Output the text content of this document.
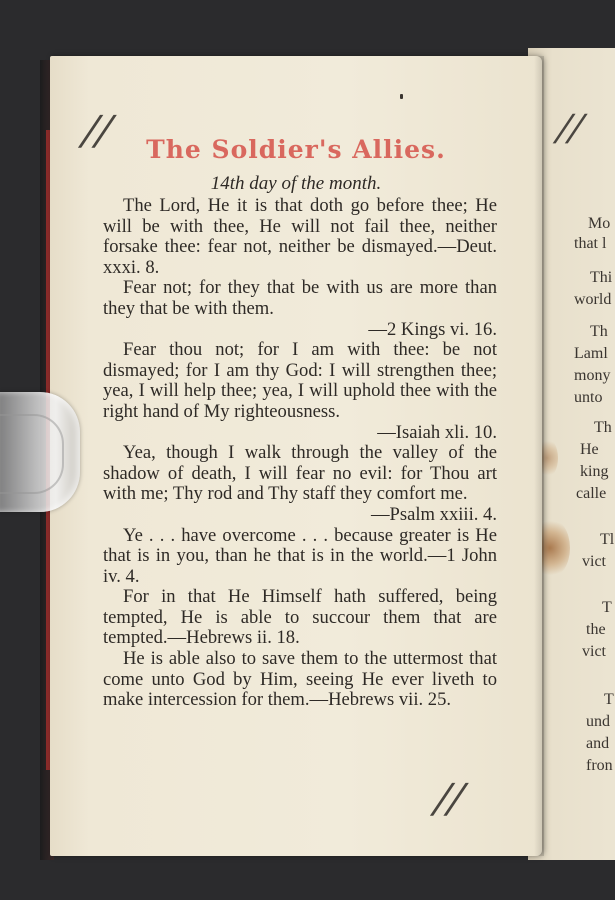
//
Mo
that l
Thi
world
Th
Laml
mony
unto
Th
He
king
calle
Tl
vict
T
the
vict
T
und
and
fron
//	The Soldier's Allies.
14th day of the month.

The Lord, He it is that doth go before thee; He will be with thee, He will not fail thee, neither forsake thee: fear not, neither be dismayed.—Deut. xxxi. 8.

Fear not; for they that be with us are more than they that be with them.

—2 Kings vi. 16.

Fear thou not; for I am with thee: be not dismayed; for I am thy God: I will strengthen thee; yea, I will help thee; yea, I will uphold thee with the right hand of My righteousness.

—Isaiah xli. 10.

Yea, though I walk through the valley of the shadow of death, I will fear no evil: for Thou art with me; Thy rod and Thy staff they comfort me.

—Psalm xxiii. 4.

Ye . . . have overcome . . . because greater is He that is in you, than he that is in the world.—1 John iv. 4.

For in that He Himself hath suffered, being tempted, He is able to succour them that are tempted.—Hebrews ii. 18.

He is able also to save them to the uttermost that come unto God by Him, seeing He ever liveth to make intercession for them.—Hebrews vii. 25.

//
